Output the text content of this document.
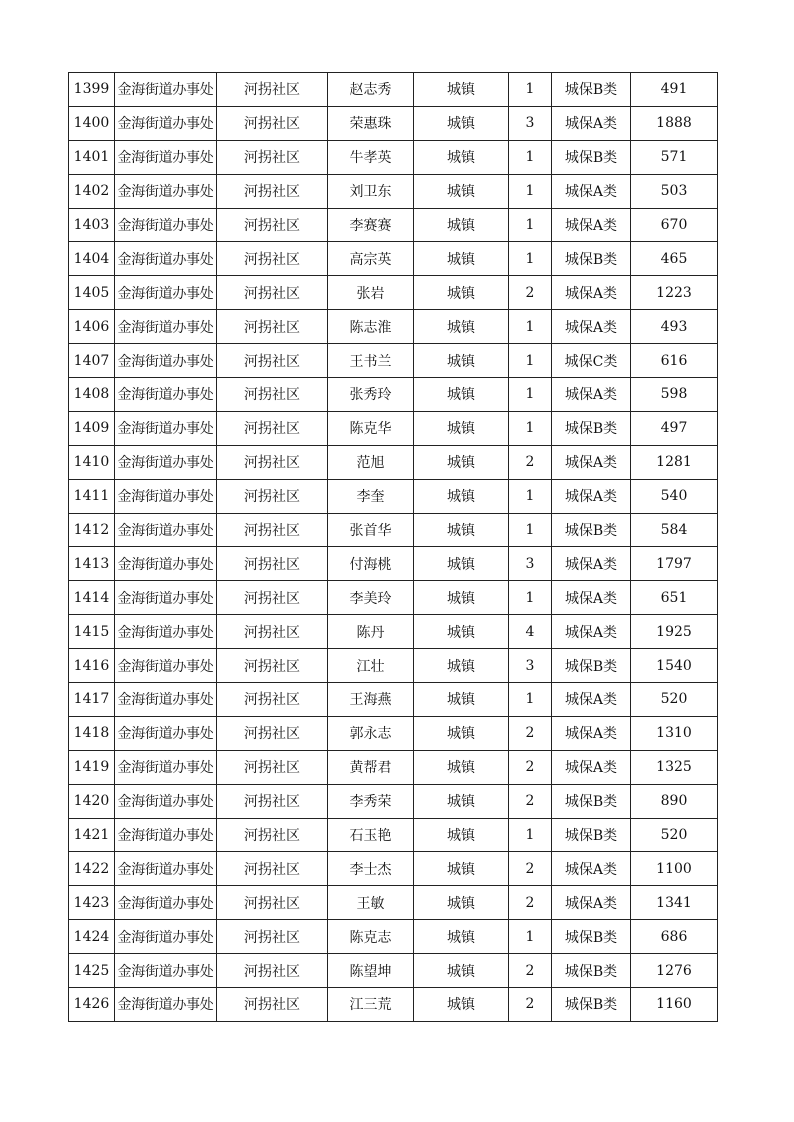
1399	金海街道办事处	河拐社区	赵志秀	城镇	1	城保B类	491
1400	金海街道办事处	河拐社区	荣惠珠	城镇	3	城保A类	1888
1401	金海街道办事处	河拐社区	牛孝英	城镇	1	城保B类	571
1402	金海街道办事处	河拐社区	刘卫东	城镇	1	城保A类	503
1403	金海街道办事处	河拐社区	李赛赛	城镇	1	城保A类	670
1404	金海街道办事处	河拐社区	高宗英	城镇	1	城保B类	465
1405	金海街道办事处	河拐社区	张岩	城镇	2	城保A类	1223
1406	金海街道办事处	河拐社区	陈志淮	城镇	1	城保A类	493
1407	金海街道办事处	河拐社区	王书兰	城镇	1	城保C类	616
1408	金海街道办事处	河拐社区	张秀玲	城镇	1	城保A类	598
1409	金海街道办事处	河拐社区	陈克华	城镇	1	城保B类	497
1410	金海街道办事处	河拐社区	范旭	城镇	2	城保A类	1281
1411	金海街道办事处	河拐社区	李奎	城镇	1	城保A类	540
1412	金海街道办事处	河拐社区	张首华	城镇	1	城保B类	584
1413	金海街道办事处	河拐社区	付海桃	城镇	3	城保A类	1797
1414	金海街道办事处	河拐社区	李美玲	城镇	1	城保A类	651
1415	金海街道办事处	河拐社区	陈丹	城镇	4	城保A类	1925
1416	金海街道办事处	河拐社区	江壮	城镇	3	城保B类	1540
1417	金海街道办事处	河拐社区	王海燕	城镇	1	城保A类	520
1418	金海街道办事处	河拐社区	郭永志	城镇	2	城保A类	1310
1419	金海街道办事处	河拐社区	黄帮君	城镇	2	城保A类	1325
1420	金海街道办事处	河拐社区	李秀荣	城镇	2	城保B类	890
1421	金海街道办事处	河拐社区	石玉艳	城镇	1	城保B类	520
1422	金海街道办事处	河拐社区	李士杰	城镇	2	城保A类	1100
1423	金海街道办事处	河拐社区	王敏	城镇	2	城保A类	1341
1424	金海街道办事处	河拐社区	陈克志	城镇	1	城保B类	686
1425	金海街道办事处	河拐社区	陈望坤	城镇	2	城保B类	1276
1426	金海街道办事处	河拐社区	江三荒	城镇	2	城保B类	1160
